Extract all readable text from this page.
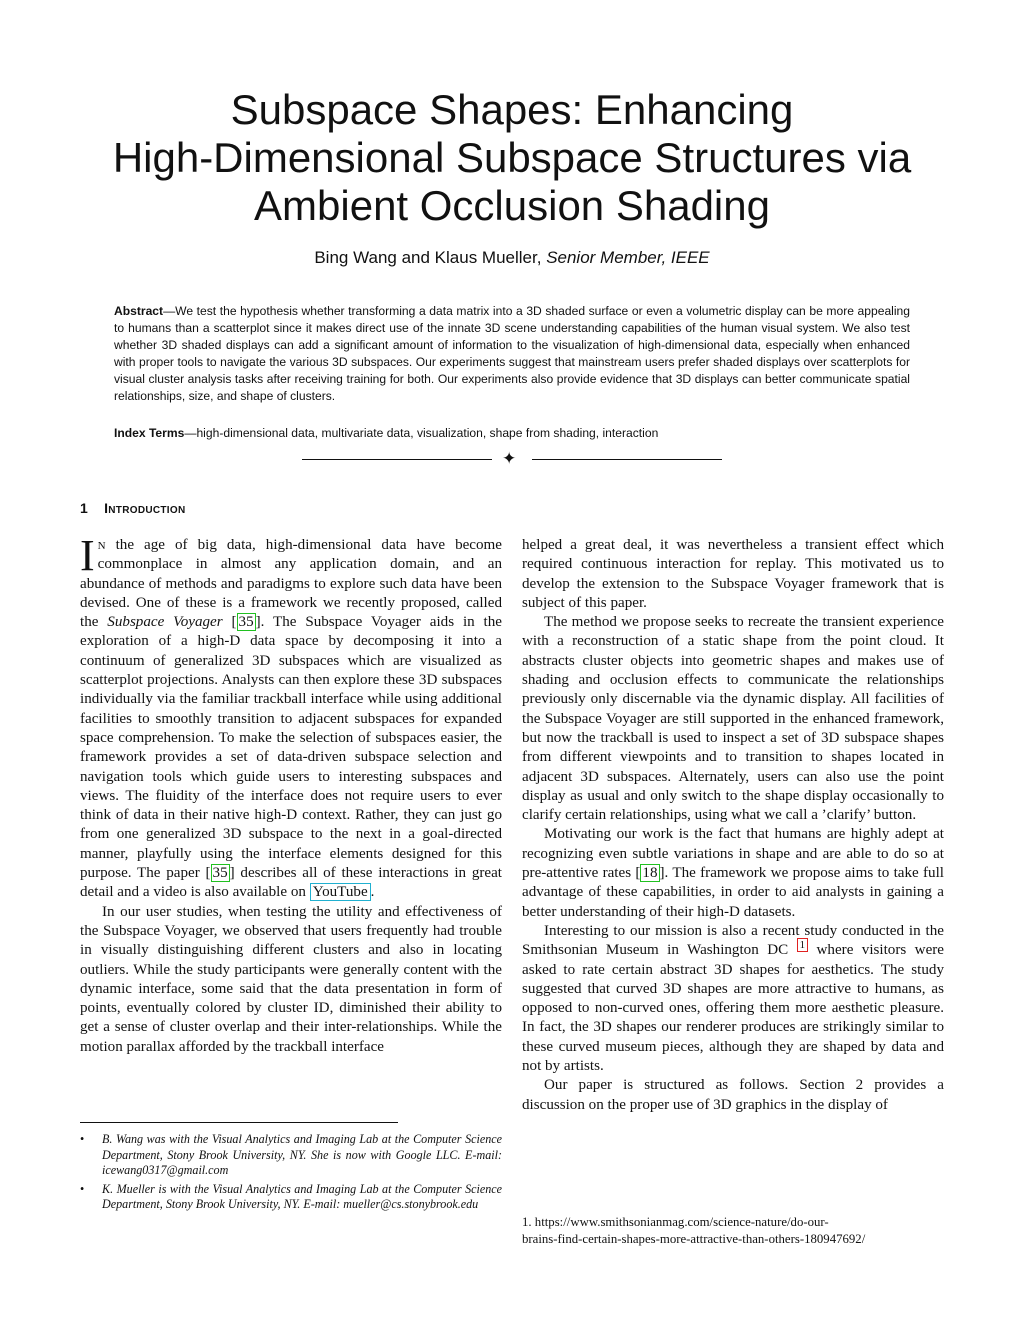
Subspace Shapes: Enhancing
High-Dimensional Subspace Structures via
Ambient Occlusion Shading
Bing Wang and Klaus Mueller, Senior Member, IEEE
Abstract—We test the hypothesis whether transforming a data matrix into a 3D shaded surface or even a volumetric display can be more appealing to humans than a scatterplot since it makes direct use of the innate 3D scene understanding capabilities of the human visual system. We also test whether 3D shaded displays can add a significant amount of information to the visualization of high-dimensional data, especially when enhanced with proper tools to navigate the various 3D subspaces. Our experiments suggest that mainstream users prefer shaded displays over scatterplots for visual cluster analysis tasks after receiving training for both. Our experiments also provide evidence that 3D displays can better communicate spatial relationships, size, and shape of clusters.
Index Terms—high-dimensional data, multivariate data, visualization, shape from shading, interaction
✦
1 Introduction

In the age of big data, high-dimensional data have become commonplace in almost any application domain, and an abundance of methods and paradigms to explore such data have been devised. One of these is a framework we recently proposed, called the Subspace Voyager [ 35 ]. The Subspace Voyager aids in the exploration of a high-D data space by decomposing it into a continuum of generalized 3D subspaces which are visualized as scatterplot projections. Analysts can then explore these 3D subspaces individually via the familiar trackball interface while using additional facilities to smoothly transition to adjacent subspaces for expanded space comprehension. To make the selection of subspaces easier, the framework provides a set of data-driven subspace selection and navigation tools which guide users to interesting subspaces and views. The fluidity of the interface does not require users to ever think of data in their native high-D context. Rather, they can just go from one generalized 3D subspace to the next in a goal-directed manner, playfully using the interface elements designed for this purpose. The paper [ 35 ] describes all of these interactions in great detail and a video is also available on YouTube .

In our user studies, when testing the utility and effectiveness of the Subspace Voyager, we observed that users frequently had trouble in visually distinguishing different clusters and also in locating outliers. While the study participants were generally content with the dynamic interface, some said that the data presentation in form of points, eventually colored by cluster ID, diminished their ability to get a sense of cluster overlap and their inter-relationships. While the motion parallax afforded by the trackball interface

• B. Wang was with the Visual Analytics and Imaging Lab at the Computer Science Department, Stony Brook University, NY. She is now with Google LLC. E-mail: icewang0317@gmail.com
• K. Mueller is with the Visual Analytics and Imaging Lab at the Computer Science Department, Stony Brook University, NY. E-mail: mueller@cs.stonybrook.edu

helped a great deal, it was nevertheless a transient effect which required continuous interaction for replay. This motivated us to develop the extension to the Subspace Voyager framework that is subject of this paper.

The method we propose seeks to recreate the transient experience with a reconstruction of a static shape from the point cloud. It abstracts cluster objects into geometric shapes and makes use of shading and occlusion effects to communicate the relationships previously only discernable via the dynamic display. All facilities of the Subspace Voyager are still supported in the enhanced framework, but now the trackball is used to inspect a set of 3D subspace shapes from different viewpoints and to transition to shapes located in adjacent 3D subspaces. Alternately, users can also use the point display as usual and only switch to the shape display occasionally to clarify certain relationships, using what we call a ’clarify’ button.

Motivating our work is the fact that humans are highly adept at recognizing even subtle variations in shape and are able to do so at pre-attentive rates [ 18 ]. The framework we propose aims to take full advantage of these capabilities, in order to aid analysts in gaining a better understanding of their high-D datasets.

Interesting to our mission is also a recent study conducted in the Smithsonian Museum in Washington DC $^1$ where visitors were asked to rate certain abstract 3D shapes for aesthetics. The study suggested that curved 3D shapes are more attractive to humans, as opposed to non-curved ones, offering them more aesthetic pleasure. In fact, the 3D shapes our renderer produces are strikingly similar to these curved museum pieces, although they are shaped by data and not by artists.

Our paper is structured as follows. Section 2 provides a discussion on the proper use of 3D graphics in the display of

1. https://www.smithsonianmag.com/science-nature/do-our-
brains-find-certain-shapes-more-attractive-than-others-180947692/
